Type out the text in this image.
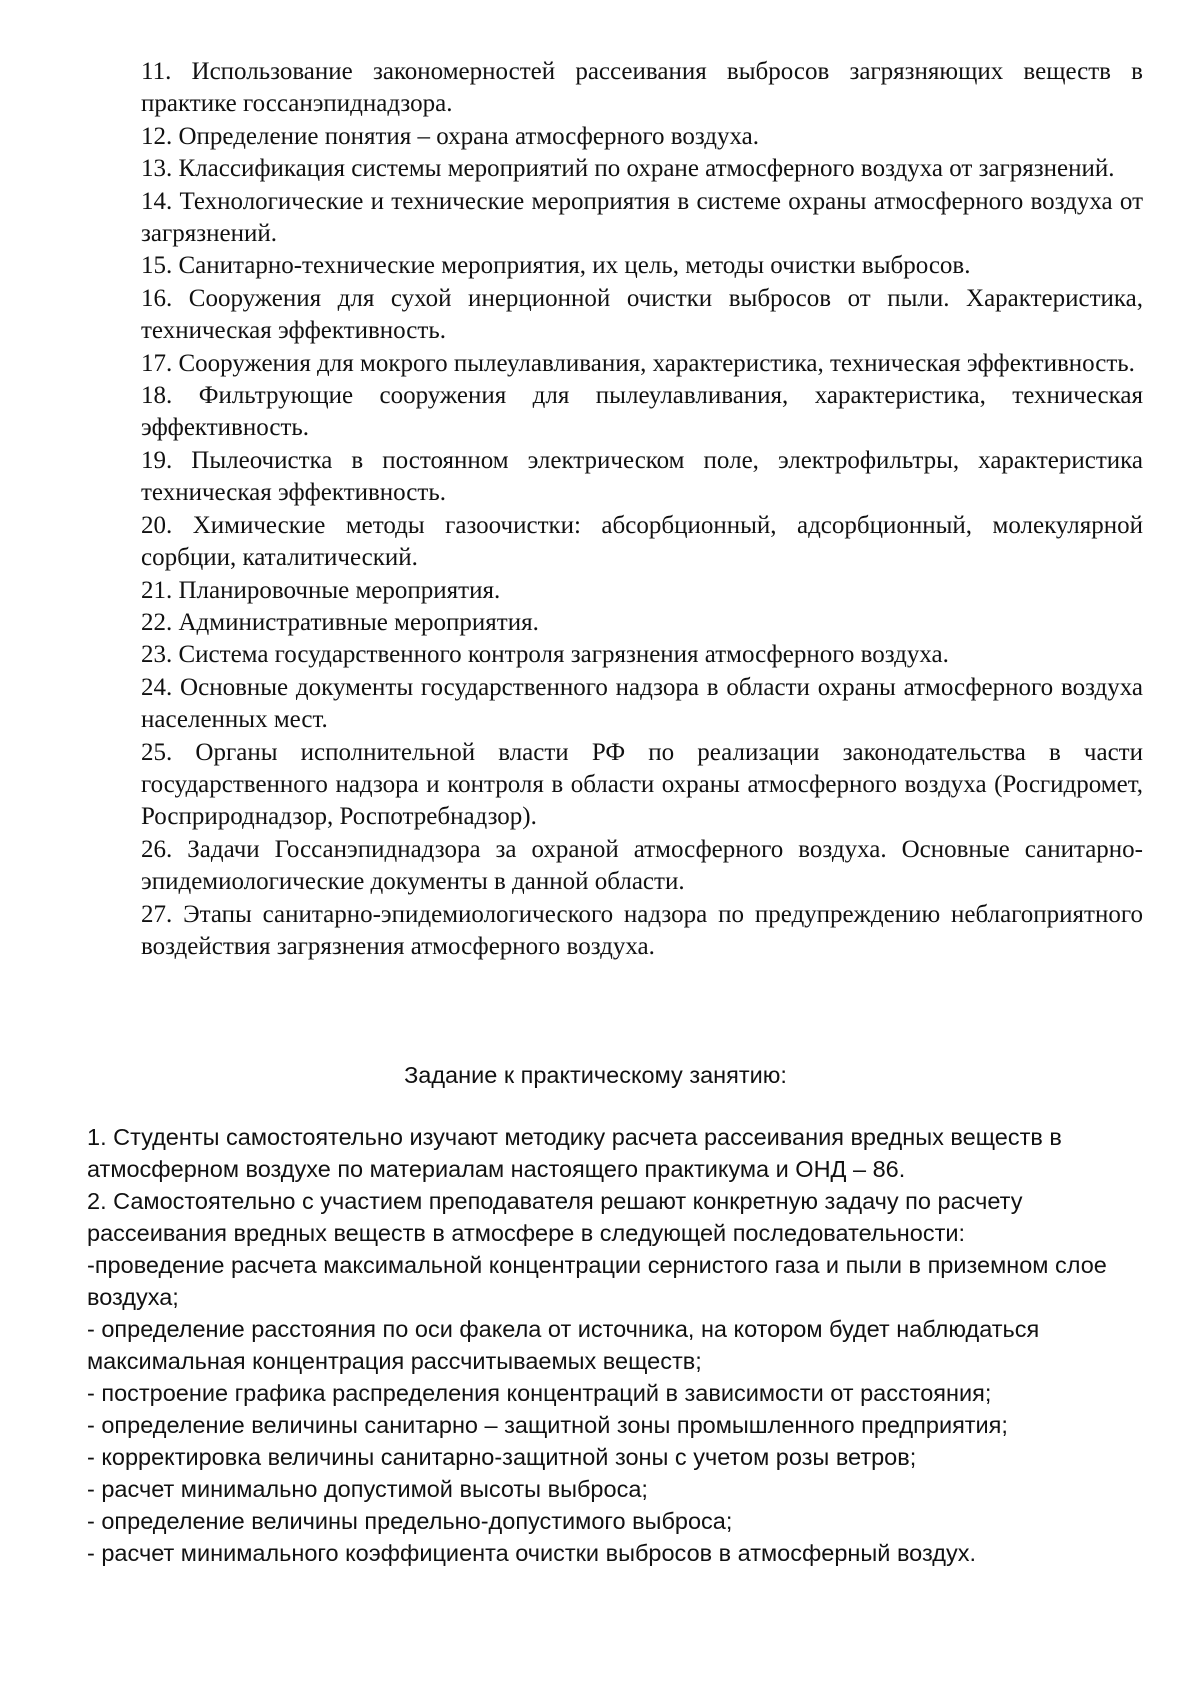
11. Использование закономерностей рассеивания выбросов загрязняющих веществ в практике госсанэпиднадзора.

12. Определение понятия – охрана атмосферного воздуха.

13. Классификация системы мероприятий по охране атмосферного воздуха от загрязнений.

14. Технологические и технические мероприятия в системе охраны атмосферного воздуха от загрязнений.

15. Санитарно-технические мероприятия, их цель, методы очистки выбросов.

16. Сооружения для сухой инерционной очистки выбросов от пыли. Характеристика, техническая эффективность.

17. Сооружения для мокрого пылеулавливания, характеристика, техническая эффективность.

18. Фильтрующие сооружения для пылеулавливания, характеристика, техническая эффективность.

19. Пылеочистка в постоянном электрическом поле, электрофильтры, характеристика техническая эффективность.

20. Химические методы газоочистки: абсорбционный, адсорбционный, молекулярной сорбции, каталитический.

21. Планировочные мероприятия.

22. Административные мероприятия.

23. Система государственного контроля загрязнения атмосферного воздуха.

24. Основные документы государственного надзора в области охраны атмосферного воздуха населенных мест.

25. Органы исполнительной власти РФ по реализации законодательства в части государственного надзора и контроля в области охраны атмосферного воздуха (Росгидромет, Росприроднадзор, Роспотребнадзор).

26. Задачи Госсанэпиднадзора за охраной атмосферного воздуха. Основные санитарно-эпидемиологические документы в данной области.

27. Этапы санитарно-эпидемиологического надзора по предупреждению неблагоприятного воздействия загрязнения атмосферного воздуха.

Задание к практическому занятию:

1. Студенты самостоятельно изучают методику расчета рассеивания вредных веществ в атмосферном воздухе по материалам настоящего практикума и ОНД – 86.

2. Самостоятельно с участием преподавателя решают конкретную задачу по расчету рассеивания вредных веществ в атмосфере в следующей последовательности:

-проведение расчета максимальной концентрации сернистого газа и пыли в приземном слое воздуха;

- определение расстояния по оси факела от источника, на котором будет наблюдаться максимальная концентрация рассчитываемых веществ;

- построение графика распределения концентраций в зависимости от расстояния;

- определение величины санитарно – защитной зоны промышленного предприятия;

- корректировка величины санитарно-защитной зоны с учетом розы ветров;

- расчет минимально допустимой высоты выброса;

- определение величины предельно-допустимого выброса;

- расчет минимального коэффициента очистки выбросов в атмосферный воздух.
